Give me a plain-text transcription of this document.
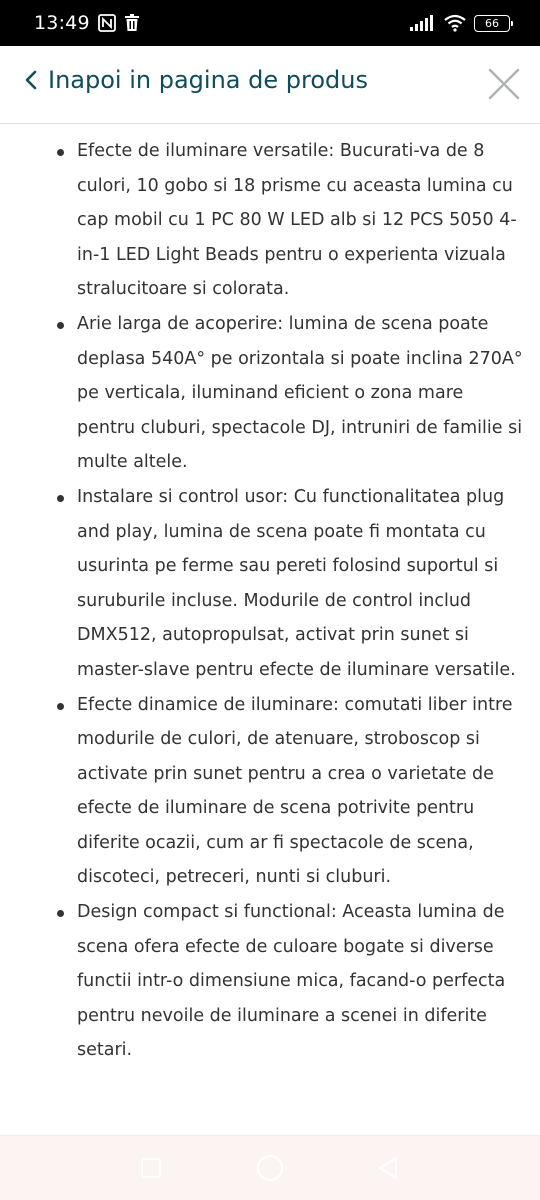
13:49	66
Inapoi in pagina de produs
Efecte de iluminare versatile: Bucurati-va de 8 culori, 10 gobo si 18 prisme cu aceasta lumina cu cap mobil cu 1 PC 80 W LED alb si 12 PCS 5050 4-in-1 LED Light Beads pentru o experienta vizuala stralucitoare si colorata.
Arie larga de acoperire: lumina de scena poate deplasa 540A° pe orizontala si poate inclina 270A° pe verticala, iluminand eficient o zona mare pentru cluburi, spectacole DJ, intruniri de familie si multe altele.
Instalare si control usor: Cu functionalitatea plug and play, lumina de scena poate fi montata cu usurinta pe ferme sau pereti folosind suportul si suruburile incluse. Modurile de control includ DMX512, autopropulsat, activat prin sunet si master-slave pentru efecte de iluminare versatile.
Efecte dinamice de iluminare: comutati liber intre modurile de culori, de atenuare, stroboscop si activate prin sunet pentru a crea o varietate de efecte de iluminare de scena potrivite pentru diferite ocazii, cum ar fi spectacole de scena, discoteci, petreceri, nunti si cluburi.
Design compact si functional: Aceasta lumina de scena ofera efecte de culoare bogate si diverse functii intr-o dimensiune mica, facand-o perfecta pentru nevoile de iluminare a scenei in diferite setari.
